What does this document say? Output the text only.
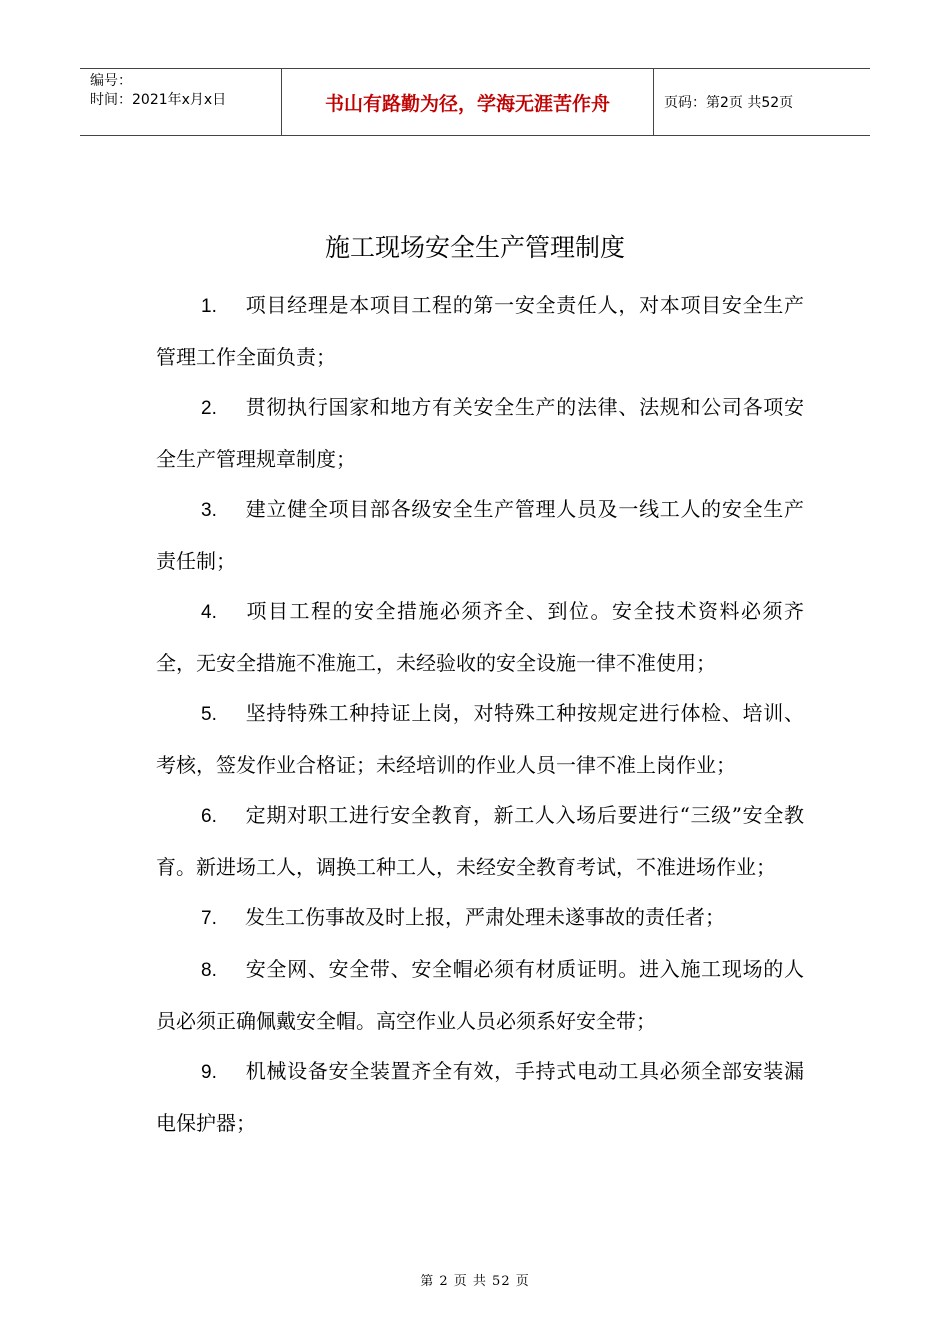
编号：
时间：2021年x月x日	书山有路勤为径，学海无涯苦作舟	页码：第2页 共52页
施工现场安全生产管理制度

1. 项目经理是本项目工程的第一安全责任人，对本项目安全生产管理工作全面负责；

2. 贯彻执行国家和地方有关安全生产的法律、法规和公司各项安全生产管理规章制度；

3. 建立健全项目部各级安全生产管理人员及一线工人的安全生产责任制；

4. 项目工程的安全措施必须齐全、到位。安全技术资料必须齐全，无安全措施不准施工，未经验收的安全设施一律不准使用；

5. 坚持特殊工种持证上岗，对特殊工种按规定进行体检、培训、考核，签发作业合格证；未经培训的作业人员一律不准上岗作业；

6. 定期对职工进行安全教育，新工人入场后要进行“三级”安全教育。新进场工人，调换工种工人，未经安全教育考试，不准进场作业；

7. 发生工伤事故及时上报，严肃处理未遂事故的责任者；

8. 安全网、安全带、安全帽必须有材质证明。进入施工现场的人员必须正确佩戴安全帽。高空作业人员必须系好安全带；

9. 机械设备安全装置齐全有效，手持式电动工具必须全部安装漏电保护器；

第 2 页 共 52 页
